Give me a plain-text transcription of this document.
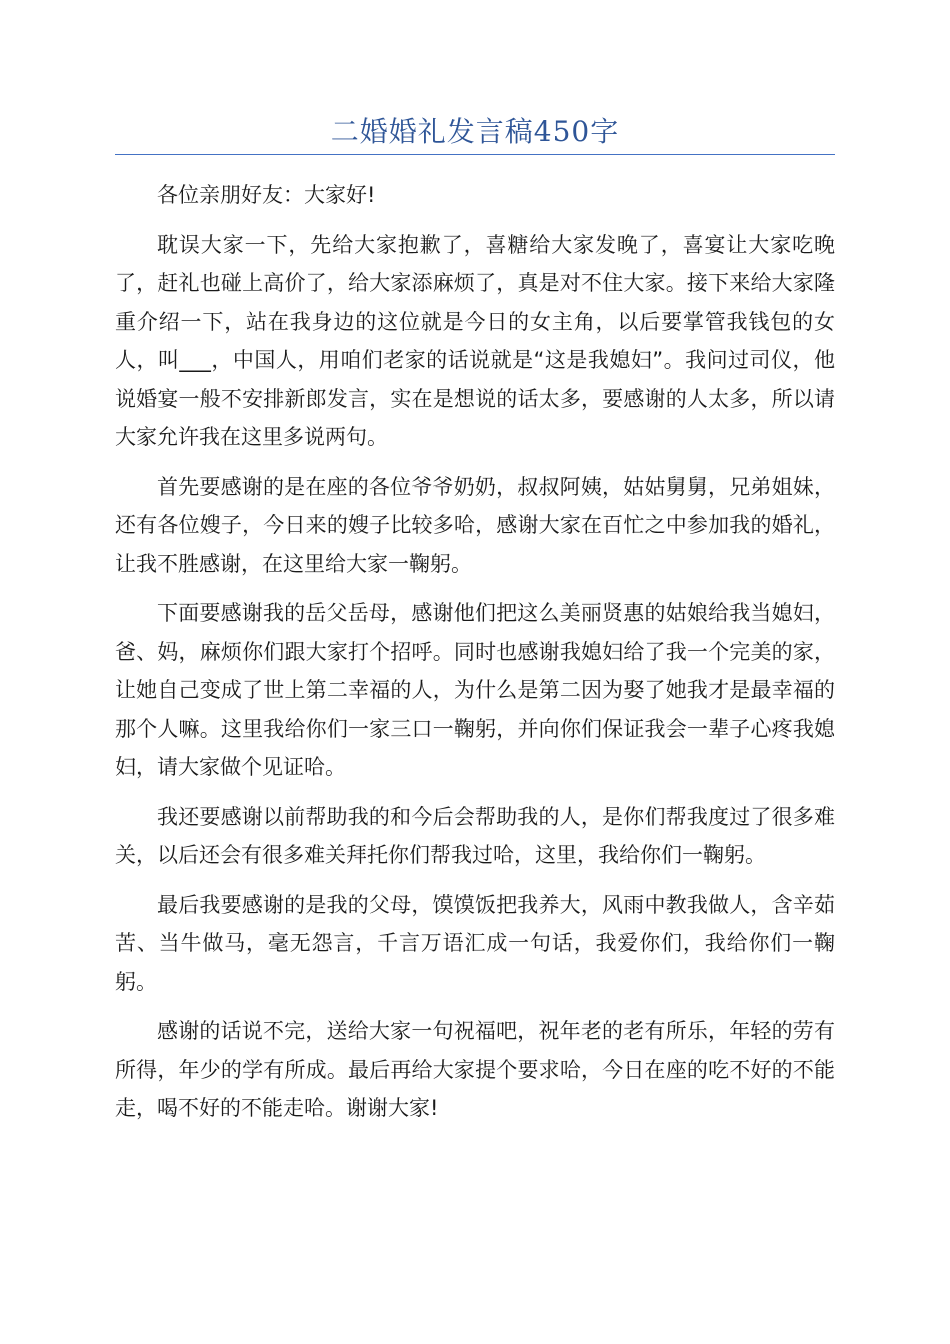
二婚婚礼发言稿450字

各位亲朋好友：大家好!

耽误大家一下，先给大家抱歉了，喜糖给大家发晚了，喜宴让大家吃晚了，赶礼也碰上高价了，给大家添麻烦了，真是对不住大家。接下来给大家隆重介绍一下，站在我身边的这位就是今日的女主角，以后要掌管我钱包的女人，叫___，中国人，用咱们老家的话说就是“这是我媳妇”。我问过司仪，他说婚宴一般不安排新郎发言，实在是想说的话太多，要感谢的人太多，所以请大家允许我在这里多说两句。

首先要感谢的是在座的各位爷爷奶奶，叔叔阿姨，姑姑舅舅，兄弟姐妹，还有各位嫂子，今日来的嫂子比较多哈，感谢大家在百忙之中参加我的婚礼，让我不胜感谢，在这里给大家一鞠躬。

下面要感谢我的岳父岳母，感谢他们把这么美丽贤惠的姑娘给我当媳妇，爸、妈，麻烦你们跟大家打个招呼。同时也感谢我媳妇给了我一个完美的家，让她自己变成了世上第二幸福的人，为什么是第二因为娶了她我才是最幸福的那个人嘛。这里我给你们一家三口一鞠躬，并向你们保证我会一辈子心疼我媳妇，请大家做个见证哈。

我还要感谢以前帮助我的和今后会帮助我的人，是你们帮我度过了很多难关，以后还会有很多难关拜托你们帮我过哈，这里，我给你们一鞠躬。

最后我要感谢的是我的父母，馍馍饭把我养大，风雨中教我做人，含辛茹苦、当牛做马，毫无怨言，千言万语汇成一句话，我爱你们，我给你们一鞠躬。

感谢的话说不完，送给大家一句祝福吧，祝年老的老有所乐，年轻的劳有所得，年少的学有所成。最后再给大家提个要求哈，今日在座的吃不好的不能走，喝不好的不能走哈。谢谢大家!
